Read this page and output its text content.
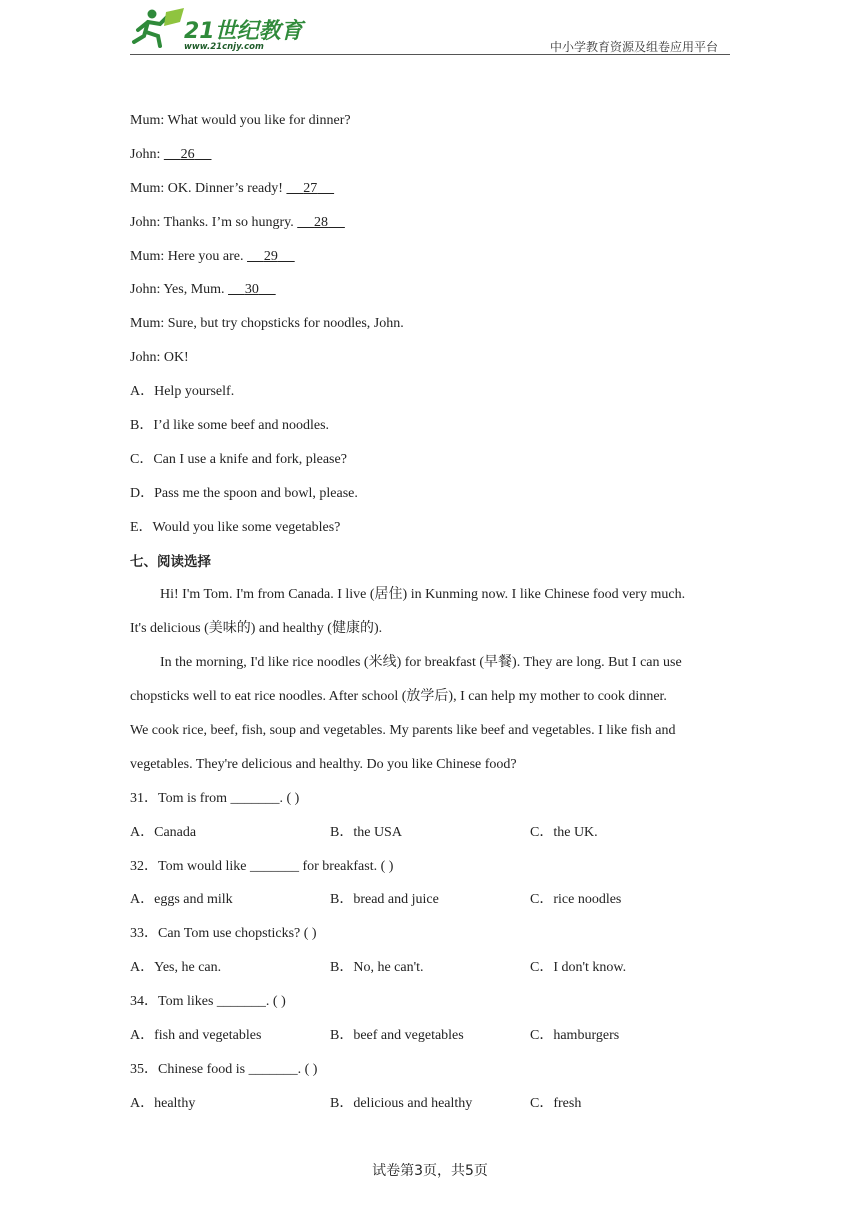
21世纪教育
www.21cnjy.com	中小学教育资源及组卷应用平台
Mum: What would you like for dinner?
John:       26      
Mum: OK. Dinner’s ready!       27      
John: Thanks. I’m so hungry.       28      
Mum: Here you are.       29      
John: Yes, Mum.       30      
Mum: Sure, but try chopsticks for noodles, John.
John: OK!
A．Help yourself.
B．I’d like some beef and noodles.
C．Can I use a knife and fork, please?
D．Pass me the spoon and bowl, please.
E．Would you like some vegetables?
七、阅读选择
Hi! I'm Tom. I'm from Canada. I live (居住) in Kunming now. I like Chinese food very much.
It's delicious (美味的) and healthy (健康的).
In the morning, I'd like rice noodles (米线) for breakfast (早餐). They are long. But I can use
chopsticks well to eat rice noodles. After school (放学后), I can help my mother to cook dinner.
We cook rice, beef, fish, soup and vegetables. My parents like beef and vegetables. I like fish and
vegetables. They're delicious and healthy. Do you like Chinese food?
31．Tom is from _______. ( )
A．Canada	B．the USA	C．the UK.
32．Tom would like _______ for breakfast. ( )
A．eggs and milk	B．bread and juice	C．rice noodles
33．Can Tom use chopsticks? ( )
A．Yes, he can.	B．No, he can't.	C．I don't know.
34．Tom likes _______. ( )
A．fish and vegetables	B．beef and vegetables	C．hamburgers
35．Chinese food is _______. ( )
A．healthy	B．delicious and healthy	C．fresh
试卷第3页，共5页
